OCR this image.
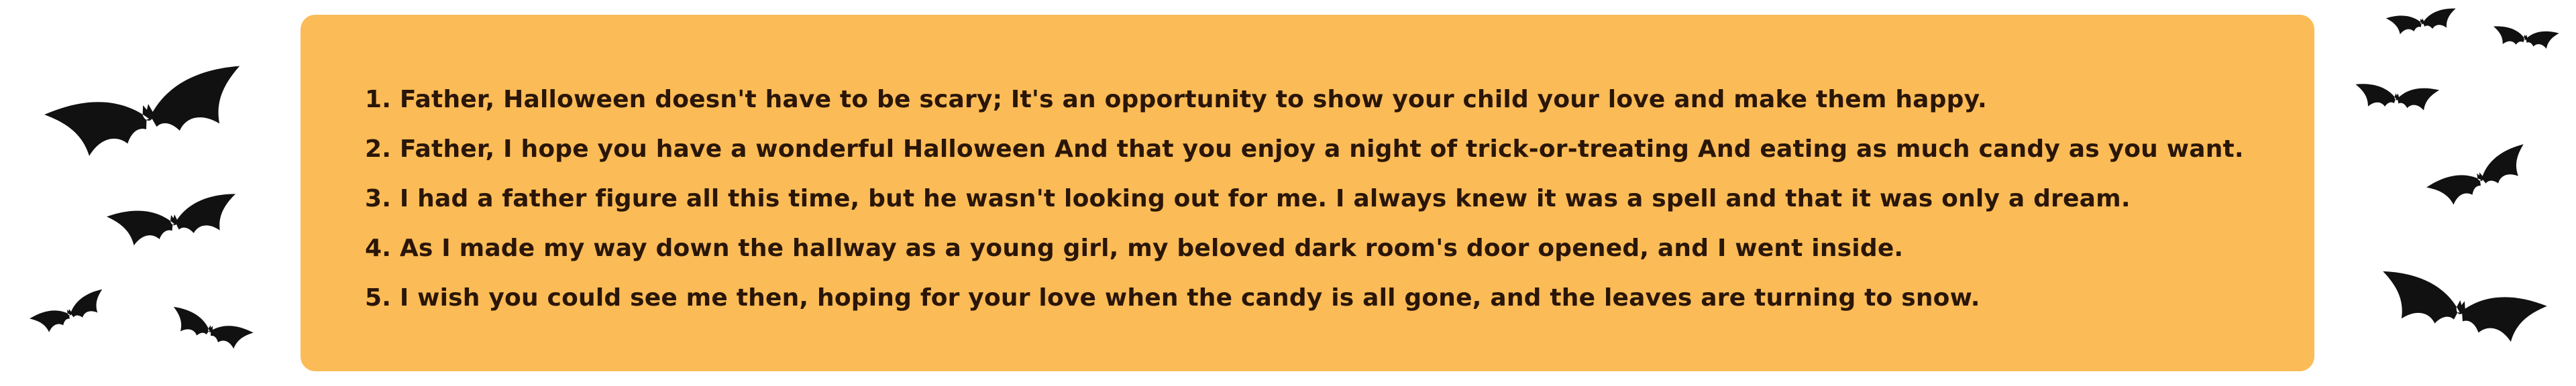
1. Father, Halloween doesn't have to be scary; It's an opportunity to show your child your love and make them happy.
2. Father, I hope you have a wonderful Halloween And that you enjoy a night of trick-or-treating And eating as much candy as you want.
3. I had a father figure all this time, but he wasn't looking out for me. I always knew it was a spell and that it was only a dream.
4. As I made my way down the hallway as a young girl, my beloved dark room's door opened, and I went inside.
5. I wish you could see me then, hoping for your love when the candy is all gone, and the leaves are turning to snow.
